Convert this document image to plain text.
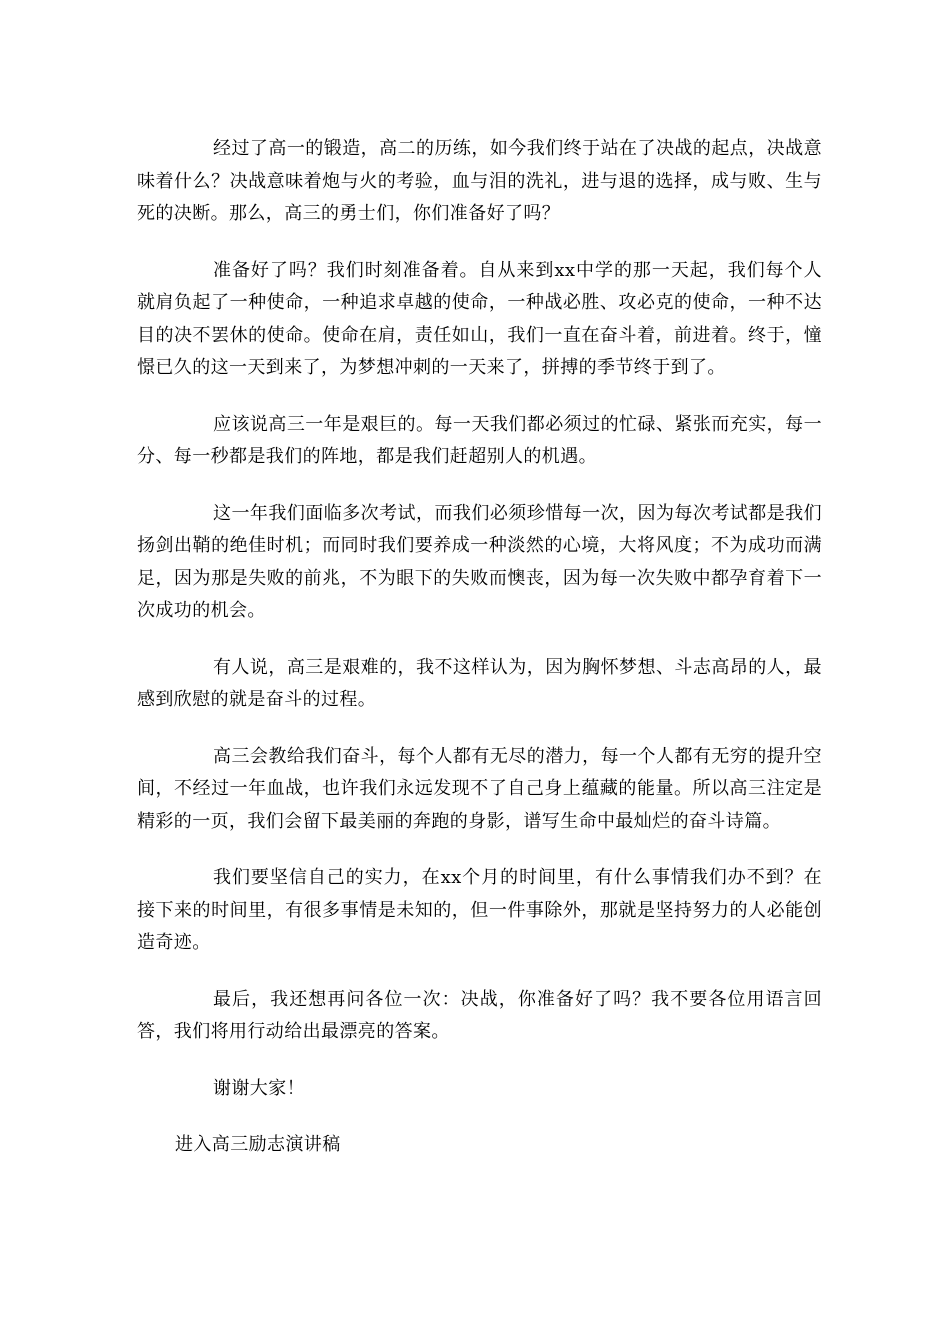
经过了高一的锻造，高二的历练，如今我们终于站在了决战的起点，决战意味着什么？决战意味着炮与火的考验，血与泪的洗礼，进与退的选择，成与败、生与死的决断。那么，高三的勇士们，你们准备好了吗？

准备好了吗？我们时刻准备着。自从来到xx中学的那一天起，我们每个人就肩负起了一种使命，一种追求卓越的使命，一种战必胜、攻必克的使命，一种不达目的决不罢休的使命。使命在肩，责任如山，我们一直在奋斗着，前进着。终于，憧憬已久的这一天到来了，为梦想冲刺的一天来了，拼搏的季节终于到了。

应该说高三一年是艰巨的。每一天我们都必须过的忙碌、紧张而充实，每一分、每一秒都是我们的阵地，都是我们赶超别人的机遇。

这一年我们面临多次考试，而我们必须珍惜每一次，因为每次考试都是我们扬剑出鞘的绝佳时机；而同时我们要养成一种淡然的心境，大将风度；不为成功而满足，因为那是失败的前兆，不为眼下的失败而懊丧，因为每一次失败中都孕育着下一次成功的机会。

有人说，高三是艰难的，我不这样认为，因为胸怀梦想、斗志高昂的人，最感到欣慰的就是奋斗的过程。

高三会教给我们奋斗，每个人都有无尽的潜力，每一个人都有无穷的提升空间，不经过一年血战，也许我们永远发现不了自己身上蕴藏的能量。所以高三注定是精彩的一页，我们会留下最美丽的奔跑的身影，谱写生命中最灿烂的奋斗诗篇。

我们要坚信自己的实力，在xx个月的时间里，有什么事情我们办不到？在接下来的时间里，有很多事情是未知的，但一件事除外，那就是坚持努力的人必能创造奇迹。

最后，我还想再问各位一次：决战，你准备好了吗？我不要各位用语言回答，我们将用行动给出最漂亮的答案。

谢谢大家！

进入高三励志演讲稿
